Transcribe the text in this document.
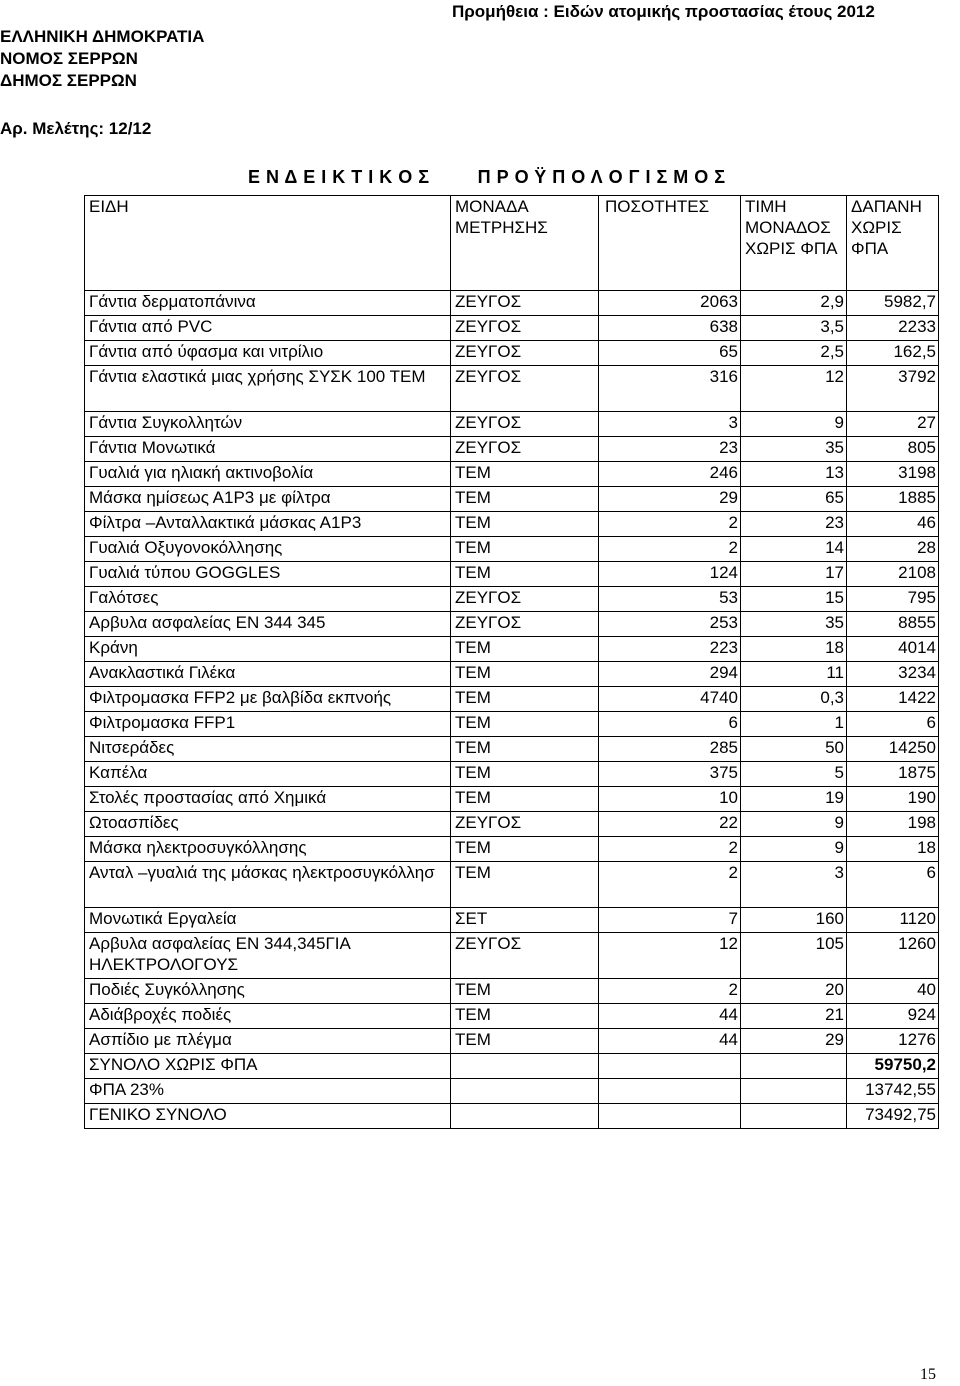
ΕΛΛΗΝΙΚΗ ΔΗΜΟΚΡΑΤΙΑ
ΝΟΜΟΣ ΣΕΡΡΩΝ
ΔΗΜΟΣ ΣΕΡΡΩΝ
Προμήθεια : Ειδών ατομικής προστασίας έτους 2012
Αρ. Μελέτης: 12/12
Ε Ν Δ Ε Ι Κ Τ Ι Κ Ο Σ	Π Ρ Ο Ϋ Π Ο Λ Ο Γ Ι Σ Μ Ο Σ
ΕΙΔΗ	ΜΟΝΑΔΑ ΜΕΤΡΗΣΗΣ	ΠΟΣΟΤΗΤΕΣ	ΤΙΜΗ ΜΟΝΑΔΟΣ ΧΩΡΙΣ ΦΠΑ	ΔΑΠΑΝΗ ΧΩΡΙΣ ΦΠΑ
Γάντια δερματοπάνινα	ΖΕΥΓΟΣ	2063	2,9	5982,7
Γάντια από PVC	ΖΕΥΓΟΣ	638	3,5	2233
Γάντια από ύφασμα και νιτρίλιο	ΖΕΥΓΟΣ	65	2,5	162,5
Γάντια ελαστικά μιας χρήσης ΣΥΣΚ 100 ΤΕΜ	ΖΕΥΓΟΣ	316	12	3792
Γάντια Συγκολλητών	ΖΕΥΓΟΣ	3	9	27
Γάντια Μονωτικά	ΖΕΥΓΟΣ	23	35	805
Γυαλιά για ηλιακή ακτινοβολία	ΤΕΜ	246	13	3198
Μάσκα ημίσεως Α1Ρ3 με φίλτρα	ΤΕΜ	29	65	1885
Φίλτρα –Ανταλλακτικά μάσκας Α1Ρ3	ΤΕΜ	2	23	46
Γυαλιά Οξυγονοκόλλησης	ΤΕΜ	2	14	28
Γυαλιά τύπου GOGGLES	ΤΕΜ	124	17	2108
Γαλότσες	ΖΕΥΓΟΣ	53	15	795
Αρβυλα ασφαλείας ΕΝ 344 345	ΖΕΥΓΟΣ	253	35	8855
Κράνη	ΤΕΜ	223	18	4014
Ανακλαστικά Γιλέκα	ΤΕΜ	294	11	3234
Φιλτρομασκα FFP2 με βαλβίδα εκπνοής	ΤΕΜ	4740	0,3	1422
Φιλτρομασκα FFP1	ΤΕΜ	6	1	6
Νιτσεράδες	ΤΕΜ	285	50	14250
Καπέλα	ΤΕΜ	375	5	1875
Στολές προστασίας από Χημικά	ΤΕΜ	10	19	190
Ωτοασπίδες	ΖΕΥΓΟΣ	22	9	198
Μάσκα ηλεκτροσυγκόλλησης	ΤΕΜ	2	9	18
Ανταλ –γυαλιά της μάσκας ηλεκτροσυγκόλλησ	ΤΕΜ	2	3	6
Μονωτικά Εργαλεία	ΣΕΤ	7	160	1120
Αρβυλα ασφαλείας ΕΝ 344,345ΓΙΑ ΗΛΕΚΤΡΟΛΟΓΟΥΣ	ΖΕΥΓΟΣ	12	105	1260
Ποδιές Συγκόλλησης	ΤΕΜ	2	20	40
Αδιάβροχές ποδιές	ΤΕΜ	44	21	924
Ασπίδιο με πλέγμα	ΤΕΜ	44	29	1276
ΣΥΝΟΛΟ ΧΩΡΙΣ ΦΠΑ				59750,2
ΦΠΑ 23%				13742,55
ΓΕΝΙΚΟ ΣΥΝΟΛΟ				73492,75
15
